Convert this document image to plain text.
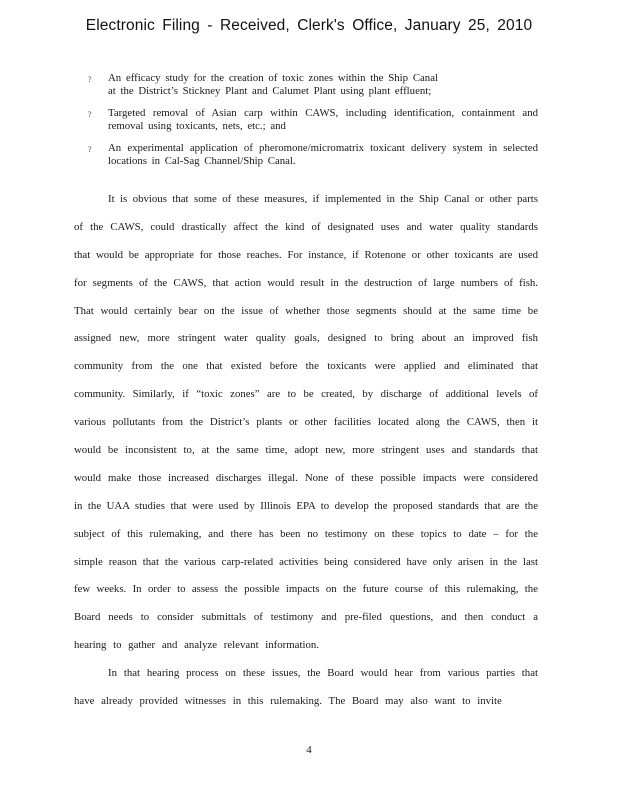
Electronic Filing - Received, Clerk's Office, January 25, 2010
?	An efficacy study for the creation of toxic zones within the Ship Canal at the District’s Stickney Plant and Calumet Plant using plant effluent;
?	Targeted removal of Asian carp within CAWS, including identification, containment and removal using toxicants, nets, etc.; and
?	An experimental application of pheromone/micromatrix toxicant delivery system in selected locations in Cal-Sag Channel/Ship Canal.
It is obvious that some of these measures, if implemented in the Ship Canal or other parts
of the CAWS, could drastically affect the kind of designated uses and water quality standards
that would be appropriate for those reaches. For instance, if Rotenone or other toxicants are used
for segments of the CAWS, that action would result in the destruction of large numbers of fish.
That would certainly bear on the issue of whether those segments should at the same time be
assigned new, more stringent water quality goals, designed to bring about an improved fish
community from the one that existed before the toxicants were applied and eliminated that
community. Similarly, if “toxic zones” are to be created, by discharge of additional levels of
various pollutants from the District’s plants or other facilities located along the CAWS, then it
would be inconsistent to, at the same time, adopt new, more stringent uses and standards that
would make those increased discharges illegal. None of these possible impacts were considered
in the UAA studies that were used by Illinois EPA to develop the proposed standards that are the
subject of this rulemaking, and there has been no testimony on these topics to date – for the
simple reason that the various carp-related activities being considered have only arisen in the last
few weeks. In order to assess the possible impacts on the future course of this rulemaking, the
Board needs to consider submittals of testimony and pre-filed questions, and then conduct a
hearing to gather and analyze relevant information.
In that hearing process on these issues, the Board would hear from various parties that
have already provided witnesses in this rulemaking. The Board may also want to invite
4
